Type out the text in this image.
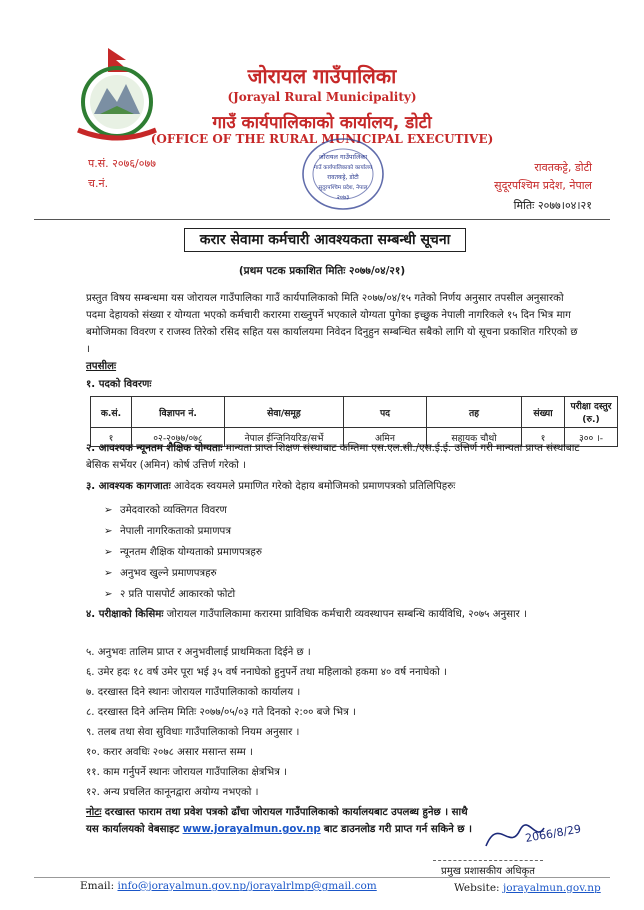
जोरायल गाउँपालिका
(Jorayal Rural Municipality)
गाउँ कार्यपालिकाको कार्यालय, डोटी
(OFFICE OF THE RURAL MUNICIPAL EXECUTIVE)
प.सं. २०७६/०७७
च.नं.
रावतकट्टे, डोटी
सुदूरपश्चिम प्रदेश, नेपाल
मितिः २०७७।०४।२१
जोरायल गाउँपालिका
गाउँ कार्यपालिकाको कार्यालय
रावतकट्टे, डोटी
सुदूरपश्चिम प्रदेश, नेपाल
२०७३
करार सेवामा कर्मचारी आवश्यकता सम्बन्धी सूचना
(प्रथम पटक प्रकाशित मितिः २०७७/०४/२१)
प्रस्तुत विषय सम्बन्धमा यस जोरायल गाउँपालिका गाउँ कार्यपालिकाको मिति २०७७/०४/१५ गतेको निर्णय अनुसार तपसील अनुसारको पदमा देहायको संख्या र योग्यता भएको कर्मचारी करारमा राख्नुपर्ने भएकाले योग्यता पुगेका इच्छुक नेपाली नागरिकले १५ दिन भित्र माग बमोजिमका विवरण र राजस्व तिरेको रसिद सहित यस कार्यालयमा निवेदन दिनुहुन सम्बन्धित सबैको लागि यो सूचना प्रकाशित गरिएको छ ।
तपसीलः
१. पदको विवरणः
क.सं.	विज्ञापन नं.	सेवा/समूह	पद	तह	संख्या	परीक्षा दस्तुर (रु.)
१	०२-२०७७/०७८	नेपाल ईन्जिनियरिङ/सर्भे	अमिन	सहायक चौथो	१	३०० ।-
२. आवश्यक न्यूनतम शैक्षिक योग्यताः मान्यता प्राप्त शिक्षण संस्थाबाट कम्तिमा एस.एल.सी./एस.ई.ई. उत्तिर्ण गरी मान्यता प्राप्त संस्थाबाट बेसिक सर्भेयर (अमिन) कोर्ष उत्तिर्ण गरेको ।
३. आवश्यक कागजातः आवेदक स्वयमले प्रमाणित गरेको देहाय बमोजिमको प्रमाणपत्रको प्रतिलिपिहरुः
➢ उमेदवारको व्यक्तिगत विवरण
➢ नेपाली नागरिकताको प्रमाणपत्र
➢ न्यूनतम शैक्षिक योग्यताको प्रमाणपत्रहरु
➢ अनुभव खुल्ने प्रमाणपत्रहरु
➢ २ प्रति पासपोर्ट आकारको फोटो
४. परीक्षाको किसिमः जोरायल गाउँपालिकामा करारमा प्राविधिक कर्मचारी व्यवस्थापन सम्बन्धि कार्यविधि, २०७५ अनुसार ।
५. अनुभवः तालिम प्राप्त र अनुभवीलाई प्राथमिकता दिईने छ ।
६. उमेर हदः १८ वर्ष उमेर पूरा भई ३५ वर्ष ननाघेको हुनुपर्ने तथा महिलाको हकमा ४० वर्ष ननाघेको ।
७. दरखास्त दिने स्थानः जोरायल गाउँपालिकाको कार्यालय ।
८. दरखास्त दिने अन्तिम मितिः २०७७/०५/०३ गते दिनको २:०० बजे भित्र ।
९. तलब तथा सेवा सुविधाः गाउँपालिकाको नियम अनुसार ।
१०. करार अवधिः २०७८ असार मसान्त सम्म ।
११. काम गर्नुपर्ने स्थानः जोरायल गाउँपालिका क्षेत्रभित्र ।
१२. अन्य प्रचलित कानूनद्वारा अयोग्य नभएको ।
नोटः दरखास्त फाराम तथा प्रवेश पत्रको ढाँचा जोरायल गाउँपालिकाको कार्यालयबाट उपलब्ध हुनेछ । साथै यस कार्यालयको वेबसाइट www.jorayalmun.gov.np बाट डाउनलोड गरी प्राप्त गर्न सकिने छ ।	2066/8/29
प्रमुख प्रशासकीय अधिकृत
Email: info@jorayalmun.gov.np/jorayalrlmp@gmail.com	Website: jorayalmun.gov.np
